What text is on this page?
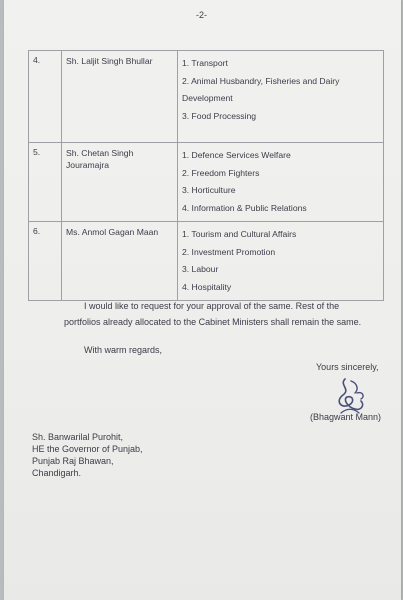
-2-
4.	Sh. Laljit Singh Bhullar	1. Transport
2. Animal Husbandry, Fisheries and Dairy Development
3. Food Processing

5.	Sh. Chetan Singh Jouramajra	1. Defence Services Welfare
2. Freedom Fighters
3. Horticulture
4. Information & Public Relations

6.	Ms. Anmol Gagan Maan	1. Tourism and Cultural Affairs
2. Investment Promotion
3. Labour
4. Hospitality
I would like to request for your approval of the same. Rest of the
portfolios already allocated to the Cabinet Ministers shall remain the same.
With warm regards,
Yours sincerely,
(Bhagwant Mann)
Sh. Banwarilal Purohit,
HE the Governor of Punjab,
Punjab Raj Bhawan,
Chandigarh.
